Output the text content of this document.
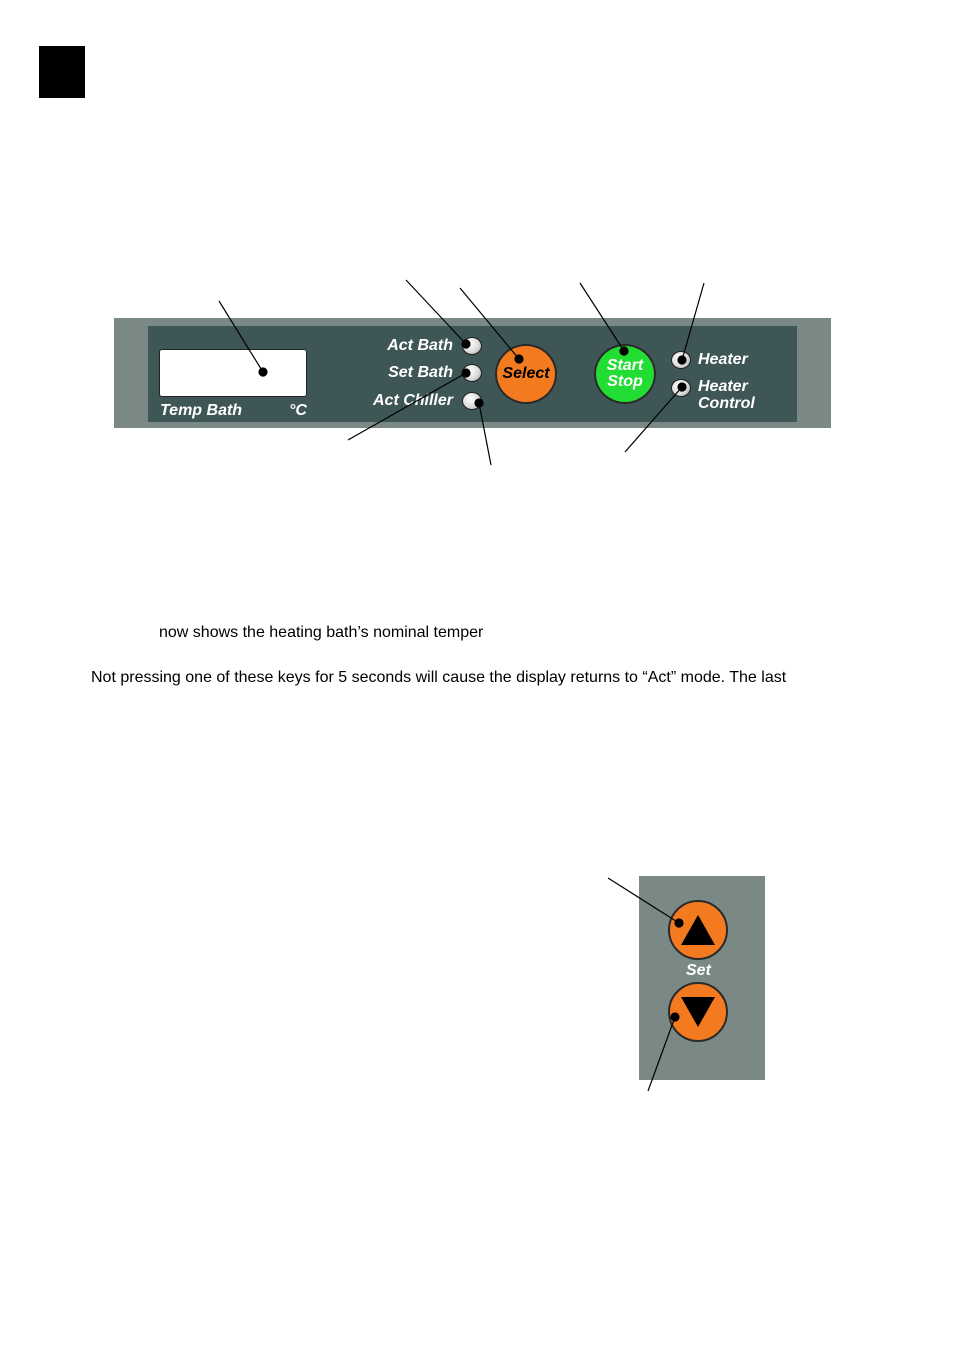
Temp Bath	°C
Act Bath
Set Bath
Act Chiller
Select	Start
Stop
Heater
Heater
Control
Set
now shows the heating bath’s nominal temper
Not pressing one of these keys for 5 seconds will cause the display returns to “Act” mode. The last
